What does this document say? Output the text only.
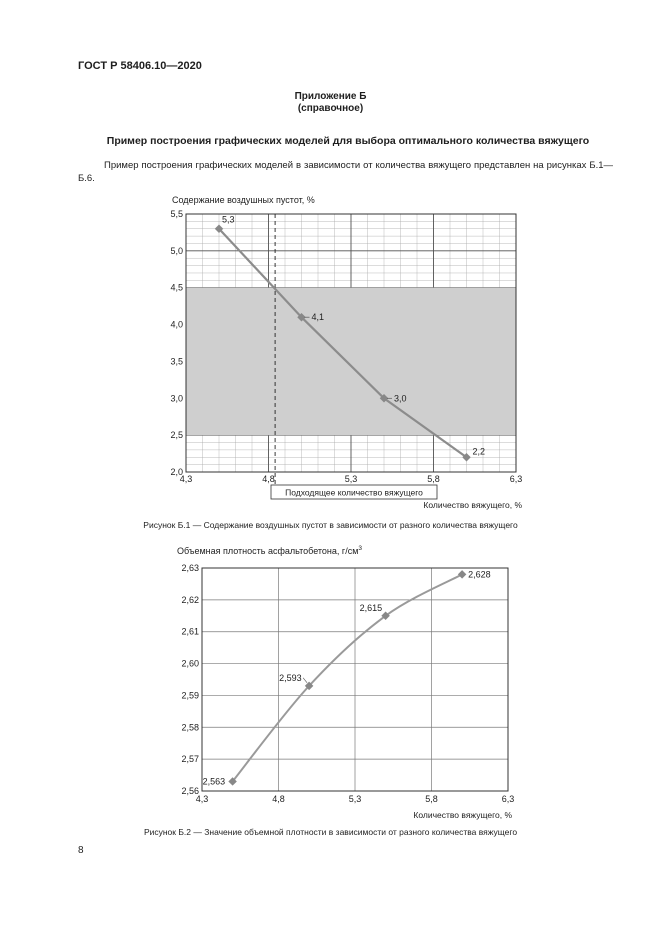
ГОСТ Р 58406.10—2020
Приложение Б
(справочное)
Пример построения графических моделей для выбора оптимального количества вяжущего
Пример построения графических моделей в зависимости от количества вяжущего представлен на рисунках Б.1—Б.6.
Содержание воздушных пустот, %
2,0
2,5
3,0
3,5
4,0
4,5
5,0
5,5
4,3	4,8	5,3	5,8	6,3
5,3
4,1
3,0
2,2
Подходящее количество вяжущего
Количество вяжущего, %
Рисунок Б.1 — Содержание воздушных пустот в зависимости от разного количества вяжущего
Объемная плотность асфальтобетона, $г/см^3$
2,56
2,57
2,58
2,59
2,60
2,61
2,62
2,63
4,3	4,8	5,3	5,8	6,3
2,563
2,593
2,615
2,628
Количество вяжущего, %
Рисунок Б.2 — Значение объемной плотности в зависимости от разного количества вяжущего
8
